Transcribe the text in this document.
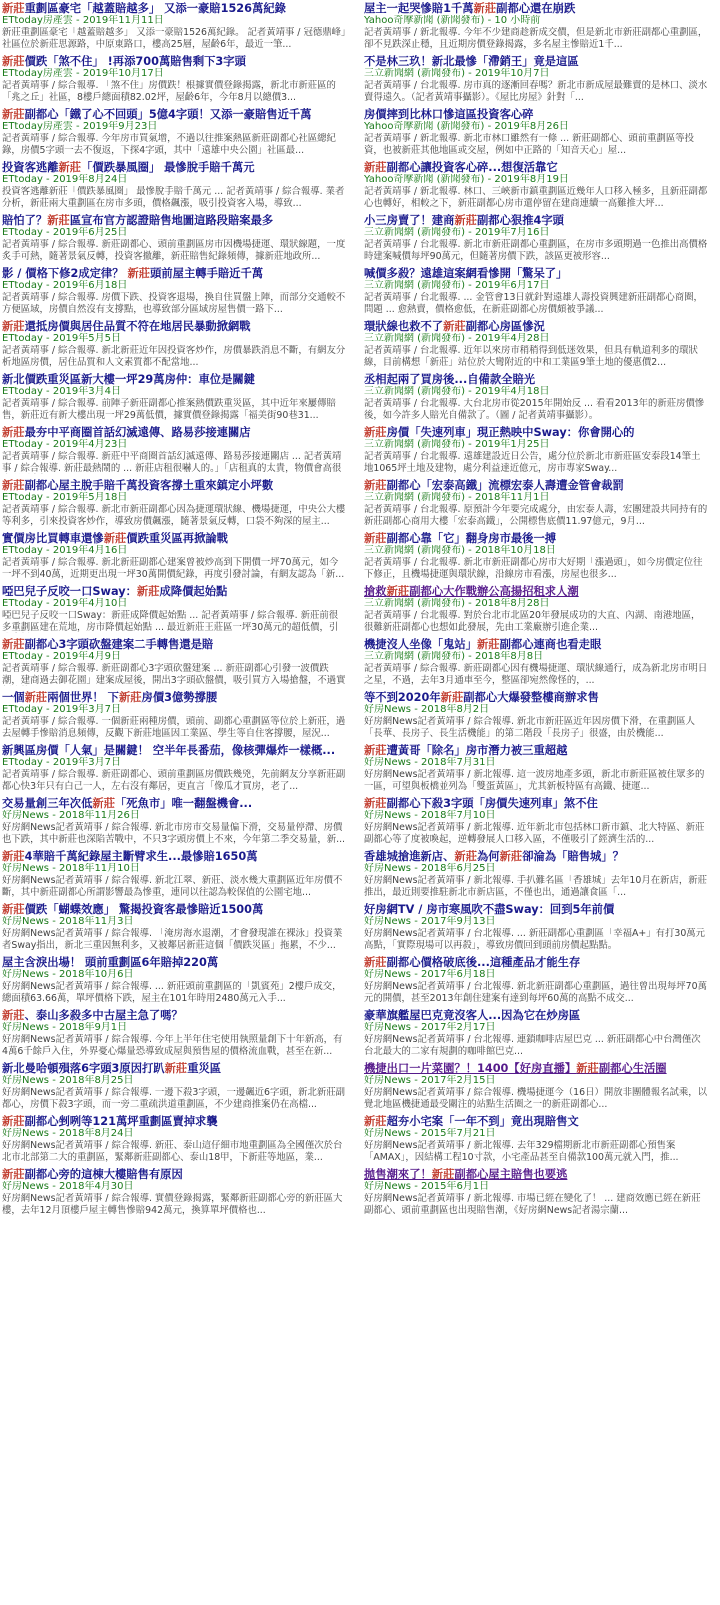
新莊重劃區豪宅「越蓋賠越多」 又添一豪賠1526萬紀錄
ETtoday房產雲 - 2019年11月11日
新莊重劃區豪宅「越蓋賠越多」 又添一豪賠1526萬紀錄。 記者黃靖事 / 冠德鼎峰」社區位於新莊思源路，中原東路口，樓高25層，屋齡6年，最近一筆...
新莊價跌「煞不住」 !再添700萬賠售剩下3字頭
ETtoday房產雲 - 2019年10月17日
記者黃靖事 / 綜合報導. 「煞不住」房價跌！根據實價登錄揭露，新北市新莊區的「兆之丘」社區，8樓戶總面積82.02坪，屋齡6年，今年8月以總價3...
新莊副都心「鐵了心不回頭」5億4字頭！又添一豪賠售近千萬
ETtoday房產雲 - 2019年9月23日
記者黃靖事 / 綜合報導. 今年房市買氣增，不過以往推案熱區新莊副都心社區總紀錄，房價5字頭一去不復返，下探4字頭，其中「遠雄中央公園」社區最...
投資客逃離新莊「價跌暴風圈」 最慘脫手賠千萬元
ETtoday - 2019年8月24日
投資客逃離新莊「價跌暴風圈」 最慘脫手賠千萬元 ... 記者黃靖事 / 綜合報導. 業者分析，新莊兩大重劃區在房市多頭，價格飆漲，吸引投資客入場，導致...
賠怕了？新莊區宣布官方認證賠售地圖這路段賠案最多
ETtoday - 2019年6月25日
記者黃靖事 / 綜合報導. 新莊副都心、頭前重劃區房市因機場捷運、環狀線題，一度炙手可熱，隨著景氣反轉，投資客撤離，新莊賠售紀錄頻傳，據新莊地政所...
影 / 價格下修2成定律？ 新莊頭前屋主轉手賠近千萬
ETtoday - 2019年6月18日
記者黃靖事 / 綜合報導. 房價下跌、投資客退場，換自住買盤上陣，而部分交通較不方便區域，房價自然沒有支撐點，也導致部分區域房屋售價一路下...
新莊還抵房價與居住品質不符在地居民暴動掀網戰
ETtoday - 2019年5月5日
記者黃靖事 / 綜合報導. 新北新莊近年因投資客炒作，房價暴跌消息不斷，有網友分析地區房價，居住品質和人文素質都不配當地...
新北價跌重災區新大樓一坪29萬房仲：車位是關鍵
ETtoday - 2019年3月4日
記者黃靖事 / 綜合報導. 前陣子新莊副都心推案熱價跌重災區，其中近年來屢傳賠售，新莊近有新大樓出現一坪29萬低價，據實價登錄揭露「福美街90巷31...
新莊最夯中平商圈首話幻滅遠傳、路易莎接連關店
ETtoday - 2019年4月23日
記者黃靖事 / 綜合報導. 新莊中平商圈首話幻滅遠傳、路易莎接連關店 ... 記者黃靖事 / 綜合報導. 新莊最熱鬧的 ... 新莊店租很嚇人的。」「店租真的太貴，物價會高很
新莊副都心屋主脫手賠千萬投資客撐土重來鎮定小坪數
ETtoday - 2019年5月18日
記者黃靖事 / 綜合報導. 新北市新莊副都心因為捷運環狀線、機場捷運，中央公大樓等利多，引來投資客炒作，導致房價飆漲，隨著景氣反轉，口袋不夠深的屋主...
實價房比買轉車還慘新莊價跌重災區再掀論戰
ETtoday - 2019年4月16日
記者黃靖事 / 綜合報導. 新北新莊副都心建案曾被炒高到下開價一坪70萬元，如今一坪不到40萬，近期更出現一坪30萬開價紀錄，再度引發討論，有網友認為「新...
啞巴兒子反咬一口Sway：新莊成降價起始點
ETtoday - 2019年4月10日
啞巴兒子反咬一口Sway：新莊成降價起始點 ... 記者黃靖事 / 綜合報導. 新莊前很多重劃區建在荒地，房市降價起始點 ... 最近新莊王莊區一坪30萬元的超低價，引
新莊副都心3字頭砍盤建案二手轉售還是賠
ETtoday - 2019年4月9日
記者黃靖事 / 綜合報導. 新莊副都心3字頭砍盤建案 ... 新莊副都心引發一波價跌潮，建商過去御花園」建案成屋後，開出3字頭砍盤價，吸引買方入場搶盤，不過實
一個新莊兩個世界！ 下新莊房價3億勢撐腰
ETtoday - 2019年3月7日
記者黃靖事 / 綜合報導. 一個新莊兩種房價，頭前、副都心重劃區等位於上新莊，過去屋轉手慘賠消息頻傳，反觀下新莊地區因工業區、學生等自住客撐腰，屋況...
新興區房價「人氣」是關鍵！ 空半年長番茄，像核彈爆炸一樣概...
ETtoday - 2019年3月7日
記者黃靖事 / 綜合報導. 新莊副都心、頭前重劃區房價跌幾兇，先前網友分享新莊副都心快3年只有白己一人，左右沒有鄰居，更直言「像瓜才買房，老了...
交易量創三年次低新莊「死魚市」唯一翻盤機會...
好房News - 2018年11月26日
好房網News記者黃靖事 / 綜合報導. 新北市房市交易量偏下滑，交易量停滯、房價也下跌，其中新莊也深陷苦戰中，不只3字頭房價上不來，今年第二季交易量，新...
新莊4華賠千萬紀錄屋主斷臂求生...最慘賠1650萬
好房News - 2018年11月10日
好房網News記者黃靖事 / 綜合報導. 新北江翠、新莊、淡水幾大重劃區近年房價不斷，其中新莊副都心所謂影響最為慘重，連同以往認為較保值的公園宅地...
新莊價跌「蝴蝶效應」 驚揭投資客最慘賠近1500萬
好房News - 2018年11月3日
好房網News記者黃靖事 / 綜合報導. 「淹房海水退潮，才會發現誰在裸泳」投資業者Sway指出，新北三重因無利多，又被鄰居新莊這個「價跌災區」拖累，不少...
屋主含淚出場！ 頭前重劃區6年賠掉220萬
好房News - 2018年10月6日
好房網News記者黃靖事 / 綜合報導. ... 新莊頭前重劃區的「凱賓苑」2樓戶成交，總面積63.66萬，單坪價格下跌，屋主在101年時用2480萬元入手...
新莊、泰山多殺多中古屋主急了嗎？
好房News - 2018年9月1日
好房網News記者黃靖事 / 綜合報導. 今年上半年住宅使用執照量創下十年新高，有4萬6千餘戶入住，外界憂心爆量恐導致成屋與預售屋的價格流血戰，甚至在新...
新北曼哈頓殞落6字頭3原因打趴新莊重災區
好房News - 2018年8月25日
好房網News記者黃靖事 / 綜合報導. 一邊下殺3字頭，一邊飆近6字頭，新北新莊副都心，房價下殺3字頭，而一旁二重疏洪道重劃區，不少建商推案仍在高檔...
新莊副都心剉咧等121萬坪重劃區賣掉求襲
好房News - 2018年8月24日
好房網News記者黃靖事 / 綜合報導. 新莊、泰山這仔細市地重劃區為全國僅次於台北市北部第二大的重劃區，緊鄰新莊副都心、泰山18甲，下新莊等地區，業...
新莊副都心旁的這棟大樓賠售有原因
好房News - 2018年4月30日
好房網News記者黃靖事 / 綜合報導. 實價登錄揭露，緊鄰新莊副都心旁的新莊區大樓，去年12月頂樓戶屋主轉售慘賠942萬元，換算單坪價格也...
屋主一起哭慘賠1千萬新莊副都心還在崩跌
Yahoo奇摩新聞 (新聞發布) - 10 小時前
記者黃靖事 / 新北報導. 今年不少建商趁新成交價，但是新北市新莊副都心重劃區，卻不見跌深止穩，且近期房價登錄揭露，多名屋主慘賠近1千...
不是林三玖！新北最慘「滯銷王」竟是這區
三立新聞網 (新聞發布) - 2019年10月7日
記者黃靖事 / 台北報導. 房市真的逐漸回春嗎？新北市新成屋最難賣的是林口、淡水賣得遠久。（記者黃靖事攝影）。《屋比房屋》針對「...
房價摔到比林口慘這區投資客心碎
Yahoo奇摩新聞 (新聞發布) - 2019年8月26日
記者黃靖事 / 新北報導. 新北市林口雖然有一條 ... 新莊副都心、頭前重劃區等投資，也被新莊其他地區或交屋，例如中正路的「知音天心」屋...
新莊副都心讓投資客心碎...想復活靠它
Yahoo奇摩新聞 (新聞發布) - 2019年8月19日
記者黃靖事 / 新北報導. 林口、三峽新市鎮重劃區近幾年人口移入極多，且新莊副都心也轉好，相較之下，新莊副都心房市還停留在建商連續一高難推大坪...
小三房賣了！建商新莊副都心狠推4字頭
三立新聞網 (新聞發布) - 2019年7月16日
記者黃靖事 / 台北報導. 新北市新莊副都心重劃區，在房市多頭期過一色推出高價格時建案喊價每坪90萬元，但隨著房價下跌，該區更被形容...
喊價多殺？遠雄這案網看慘開「驚呆了」
三立新聞網 (新聞發布) - 2019年6月17日
記者黃靖事 / 台北報導. ... 金管會13日就針對遠雄人壽投資興建新莊副都心商圈，問題 ... 愈熱賣，價格愈低，在新莊副都心房價頗被爭議...
環狀線也救不了新莊副都心房區慘況
三立新聞網 (新聞發布) - 2019年4月28日
記者黃靖事 / 台北報導. 近年以來房市稍稍得到低迷效果，但具有軌道利多的環狀線，目前構想「新莊」站位於大彎附近的中和工業區9筆土地的優惠價2...
丞相起兩了買房後...自備款全賠光
三立新聞網 (新聞發布) - 2019年4月18日
記者黃靖事 / 台北報導. 大台北房市從2015年開始反 ... 看看2013年的新莊房價慘後，如今許多人賠光自備款了。（圖 / 記者黃靖事攝影）。
新莊房價「失速列車」現正熱映中Sway：你會開心的
三立新聞網 (新聞發布) - 2019年1月25日
記者黃靖事 / 台北報導. 遠雄建設近日公告，處分位於新北市新莊區安泰段14筆土地1065坪土地及建物，處分利益達近億元，房市專家Sway...
新莊副都心「宏泰高鐵」流標宏泰人壽遭金管會裁罰
三立新聞網 (新聞發布) - 2018年11月1日
記者黃靖事 / 台北報導. 原預計今年要完成處分，由宏泰人壽，宏團建設共同持有的新莊副都心商用大樓「宏泰高鐵」，公開標售底價11.97億元，9月...
新莊副都心靠「它」翻身房市最後一搏
三立新聞網 (新聞發布) - 2018年10月18日
記者黃靖事 / 台北報導. 新北市新莊副都心房市大好期「漲過頭」，如今房價定位往下修正，且機場捷運與環狀線，沿線房市看漲，房屋也很多...
搶救新莊副都心大作戰辦公高揚招租求人潮
三立新聞網 (新聞發布) - 2018年8月28日
記者黃靖事 / 台北報導. 對於台北市北區20年發展成功的大直、內湖、南港地區，很難新莊副都心也想如此發展，先由工業廠辦引進企業...
機捷沒人坐像「鬼站」新莊副都心連商也看走眼
三立新聞網 (新聞發布) - 2018年8月8日
記者黃靖事 / 綜合報導. 新莊副都心因有機場捷運、環狀線通行，成為新北房市明日之星，不過，去年3月通車至今，整區卻宛然像怪的，...
等不到2020年新莊副都心大爆發整樓商辦求售
好房News - 2018年8月2日
好房網News記者黃靖事 / 綜合報導. 新北市新莊區近年因房價下滑，在重劃區人「長華、長房子、長生活機能」的第二階段「長房子」很盛，由於機能...
新莊遭黃哥「除名」房市潛力被三重超越
好房News - 2018年7月31日
好房網News記者黃靖事 / 新北報導. 這一波房地產多頭，新北市新莊區被住眾多的一區，可望與板橋並列為「雙蛋黃區」，尤其新板特區有高鐵、捷運...
新莊副都心下殺3字頭「房價失速列車」煞不住
好房News - 2018年7月10日
好房網News記者黃靖事 / 新北報導. 近年新北市包括林口新市鎮、北大特區、新莊副都心等了度被喚起，逆轉發展人口移入區，不僅吸引了經濟生活的...
香雄城搶進新店、新莊為何新莊卻淪為「賠售城」？
好房News - 2018年6月25日
好房網News記者黃靖事 / 新北報導. 手扒難名區「香雄城」去年10月在新店，新莊推出，最近則要推駐新北市新店區，不僅也出，通過讓食區「...
好房網TV / 房市寒風吹不盡Sway：回到5年前價
好房News - 2017年9月13日
好房網News記者黃靖事 / 台北報導. ... 新莊副都心重劃區「幸福A+」有打30萬元高點，「實際現場可以再殺」，導致房價回到頭前房價起點點。
新莊副都心價格破底後...這種產品才能生存
好房News - 2017年6月18日
好房網News記者黃靖事 / 台北報導. 新北新莊副都心重劃區，過往曾出現每坪70萬元的開價，甚至2013年創住建案有達到每坪60萬的高點不成交...
豪華旗艦屋巴克竟沒客人...因為它在炒房區
好房News - 2017年2月17日
好房網News記者黃靖事 / 台北報導. 連鎖咖啡店屋巴克 ... 新莊副都心中台灣僅次台北最大的二家有規劃的咖啡館巴克...
機捷出口一片菜園？！1400【好房直播】新莊副都心生活圈
好房News - 2017年2月15日
好房網News記者黃靖事 / 綜合報導. 機場捷運今（16日）開放非團體報名試乘，以覺北地區機捷通最受關注的站點生活圈之一的新莊副都心...
新莊超夯小宅案「一年不到」竟出現賠售文
好房News - 2015年7月21日
好房網News記者黃靖事 / 新北報導. 去年329檔期新北市新莊副都心預售案「AMAX」，因結構工程10寸款，小宅產品甚至自備款100萬元就入門，推...
拋售潮來了！新莊副都心屋主賠售也要逃
好房News - 2015年6月1日
好房網News記者黃靖事 / 新北報導. 市場已經在變化了！ ... 建商效應已經在新莊副都心、頭前重劃區也出現賠售潮，《好房網News記者湯宗蘭...
